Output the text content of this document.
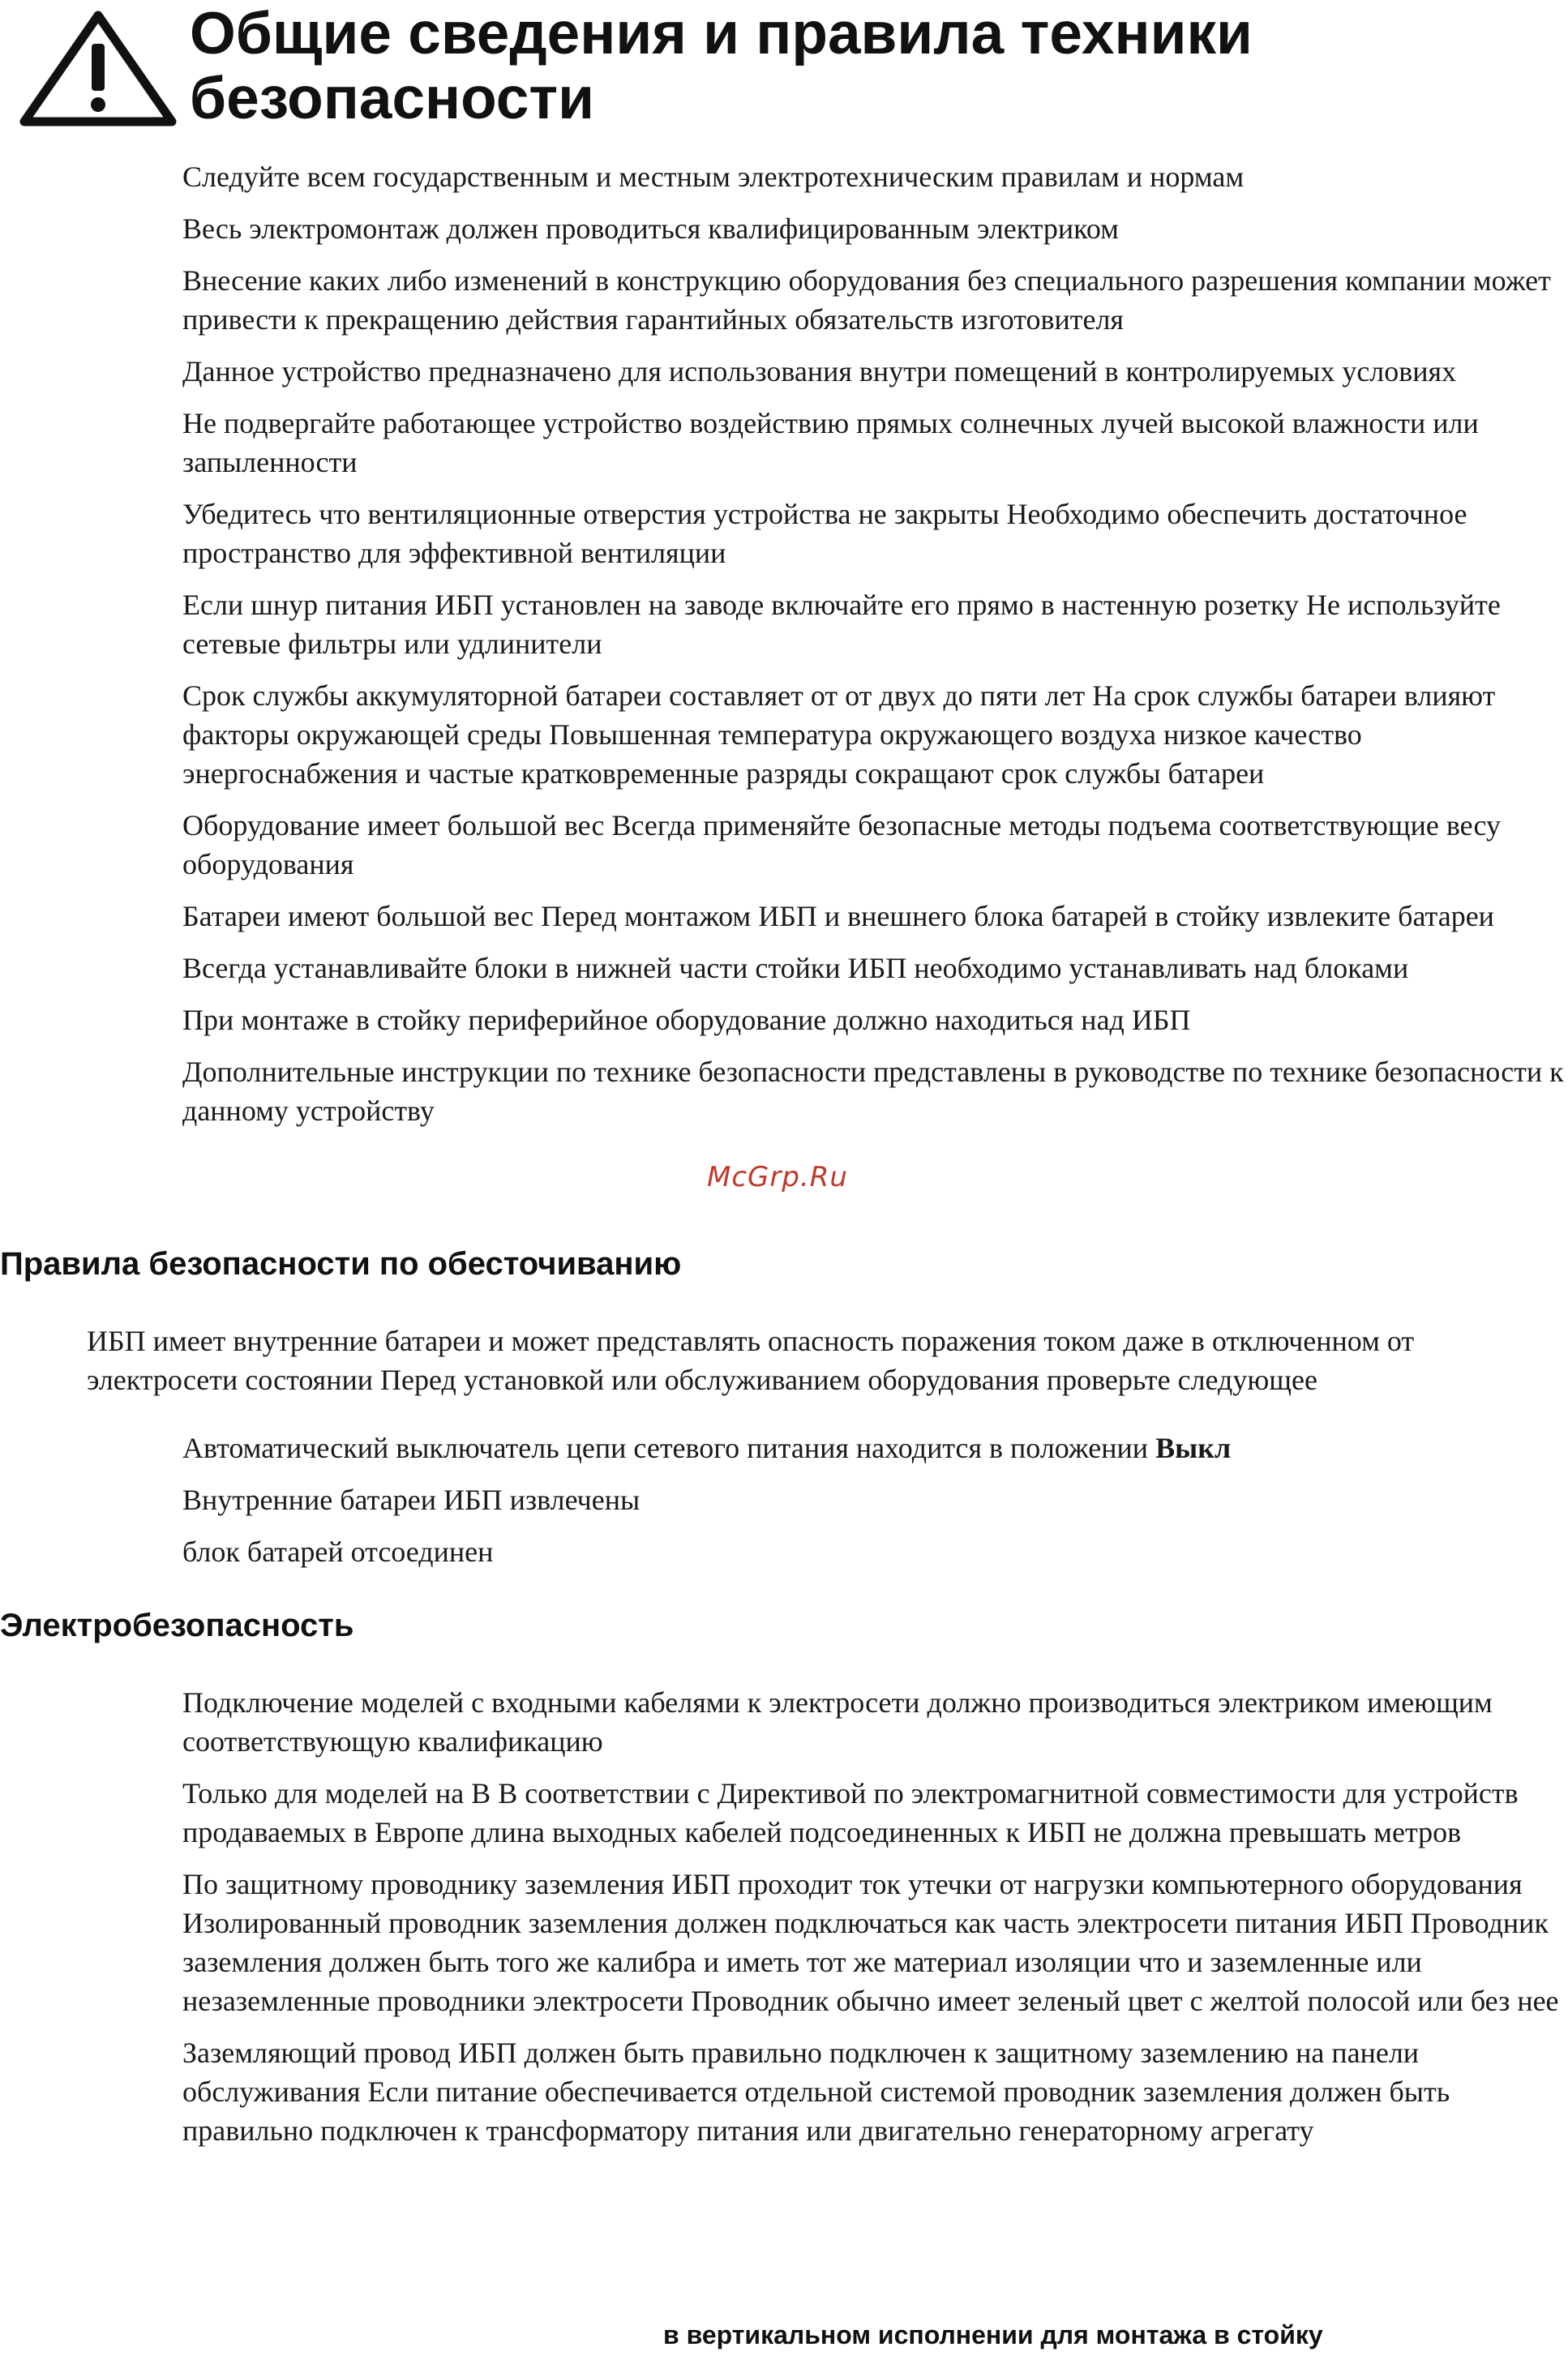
Общие сведения и правила техники
безопасности
Следуйте всем государственным и местным электротехническим правилам и нормам
Весь электромонтаж должен проводиться квалифицированным электриком
Внесение каких либо изменений в конструкцию оборудования без специального разрешения компании может привести к прекращению действия гарантийных обязательств изготовителя
Данное устройство предназначено для использования внутри помещений в контролируемых условиях
Не подвергайте работающее устройство воздействию прямых солнечных лучей высокой влажности или запыленности
Убедитесь что вентиляционные отверстия устройства не закрыты Необходимо обеспечить достаточное пространство для эффективной вентиляции
Если шнур питания ИБП установлен на заводе включайте его прямо в настенную розетку Не используйте сетевые фильтры или удлинители
Срок службы аккумуляторной батареи составляет от от двух до пяти лет На срок службы батареи влияют факторы окружающей среды Повышенная температура окружающего воздуха низкое качество энергоснабжения и частые кратковременные разряды сокращают срок службы батареи
Оборудование имеет большой вес Всегда применяйте безопасные методы подъема соответствующие весу оборудования
Батареи имеют большой вес Перед монтажом ИБП и внешнего блока батарей в стойку извлеките батареи
Всегда устанавливайте блоки в нижней части стойки ИБП необходимо устанавливать над блоками
При монтаже в стойку периферийное оборудование должно находиться над ИБП
Дополнительные инструкции по технике безопасности представлены в руководстве по технике безопасности к данному устройству
McGrp.Ru
Правила безопасности по обесточиванию

ИБП имеет внутренние батареи и может представлять опасность поражения током даже в отключенном от электросети состоянии Перед установкой или обслуживанием оборудования проверьте следующее

Автоматический выключатель цепи сетевого питания находится в положении Выкл
Внутренние батареи ИБП извлечены
блок батарей отсоединен
Электробезопасность
Подключение моделей с входными кабелями к электросети должно производиться электриком имеющим соответствующую квалификацию
Только для моделей на В В соответствии с Директивой по электромагнитной совместимости для устройств продаваемых в Европе длина выходных кабелей подсоединенных к ИБП не должна превышать метров
По защитному проводнику заземления ИБП проходит ток утечки от нагрузки компьютерного оборудования Изолированный проводник заземления должен подключаться как часть электросети питания ИБП Проводник заземления должен быть того же калибра и иметь тот же материал изоляции что и заземленные или незаземленные проводники электросети Проводник обычно имеет зеленый цвет с желтой полосой или без нее
Заземляющий провод ИБП должен быть правильно подключен к защитному заземлению на панели обслуживания Если питание обеспечивается отдельной системой проводник заземления должен быть правильно подключен к трансформатору питания или двигательно генераторному агрегату

в вертикальном исполнении для монтажа в стойку
